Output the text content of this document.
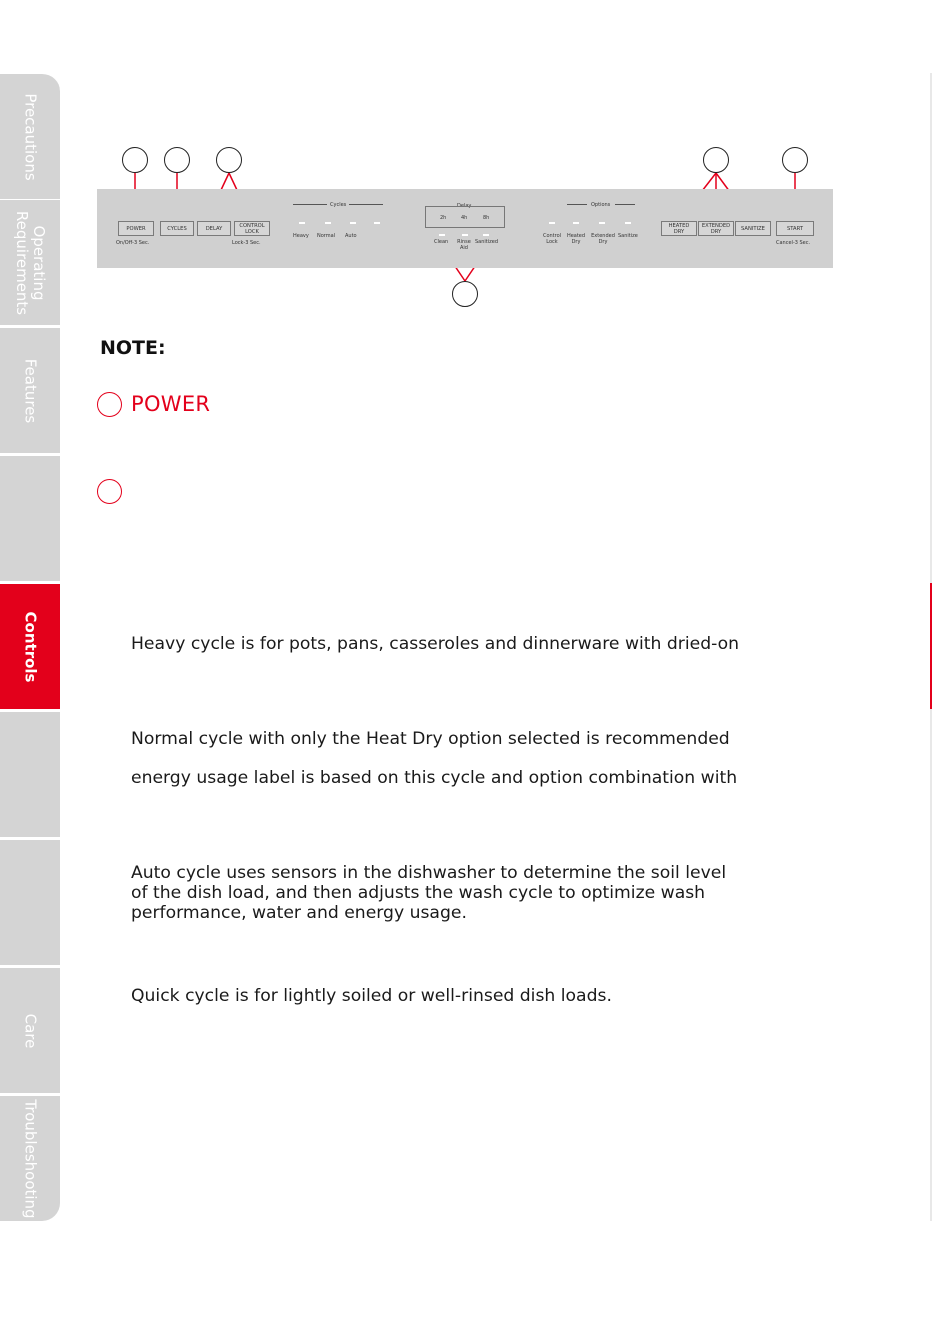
Precautions
Operating Requirements
Features
Controls
Care
Troubleshooting
POWER
On/Off-3 Sec.
CYCLES	DELAY	CONTROL LOCK
Lock-3 Sec.
Cycles
Heavy Normal Auto
Delay
2h	4h	8h
Clean Rinse Aid
Sanitized
Options
Control Lock
Heated Dry
Extended Dry
Sanitize
HEATED DRY
EXTENDED DRY	SANITIZE	START
Cancel-3 Sec.
NOTE:
POWER
Heavy cycle is for pots, pans, casseroles and dinnerware with dried-on
Normal cycle with only the Heat Dry option selected is recommended
energy usage label is based on this cycle and option combination with
Auto cycle uses sensors in the dishwasher to determine the soil level
of the dish load, and then adjusts the wash cycle to optimize wash
performance, water and energy usage.
Quick cycle is for lightly soiled or well-rinsed dish loads.
